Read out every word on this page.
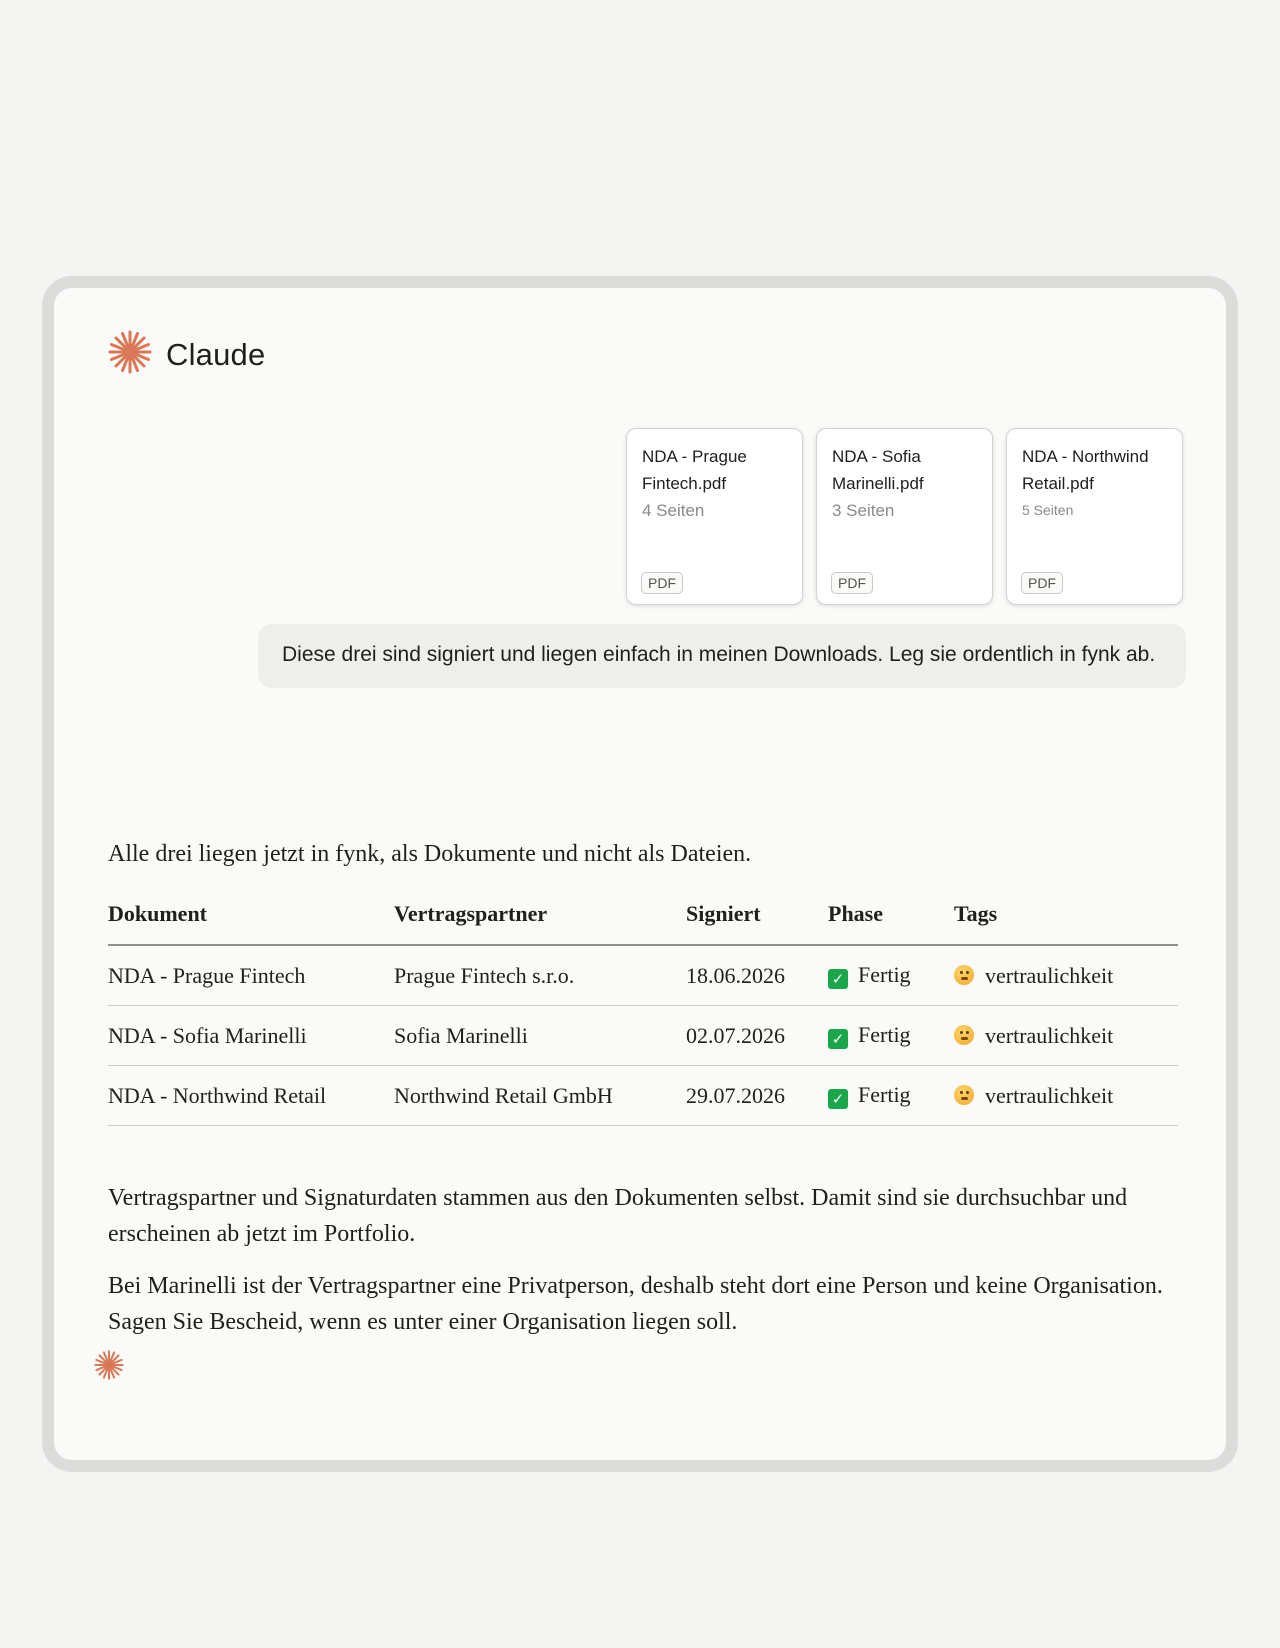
Claude
NDA - Prague Fintech.pdf
4 Seiten
PDF
NDA - Sofia Marinelli.pdf
3 Seiten
PDF
NDA - Northwind Retail.pdf
5 Seiten
PDF
Diese drei sind signiert und liegen einfach in meinen Downloads. Leg sie ordentlich in fynk ab.

Alle drei liegen jetzt in fynk, als Dokumente und nicht als Dateien.

Dokument	Vertragspartner	Signiert	Phase	Tags
NDA - Prague Fintech	Prague Fintech s.r.o.	18.06.2026	✓ Fertig	vertraulichkeit
NDA - Sofia Marinelli	Sofia Marinelli	02.07.2026	✓ Fertig	vertraulichkeit
NDA - Northwind Retail	Northwind Retail GmbH	29.07.2026	✓ Fertig	vertraulichkeit

Vertragspartner und Signaturdaten stammen aus den Dokumenten selbst. Damit sind sie durchsuchbar und erscheinen ab jetzt im Portfolio.

Bei Marinelli ist der Vertragspartner eine Privatperson, deshalb steht dort eine Person und keine Organisation. Sagen Sie Bescheid, wenn es unter einer Organisation liegen soll.
